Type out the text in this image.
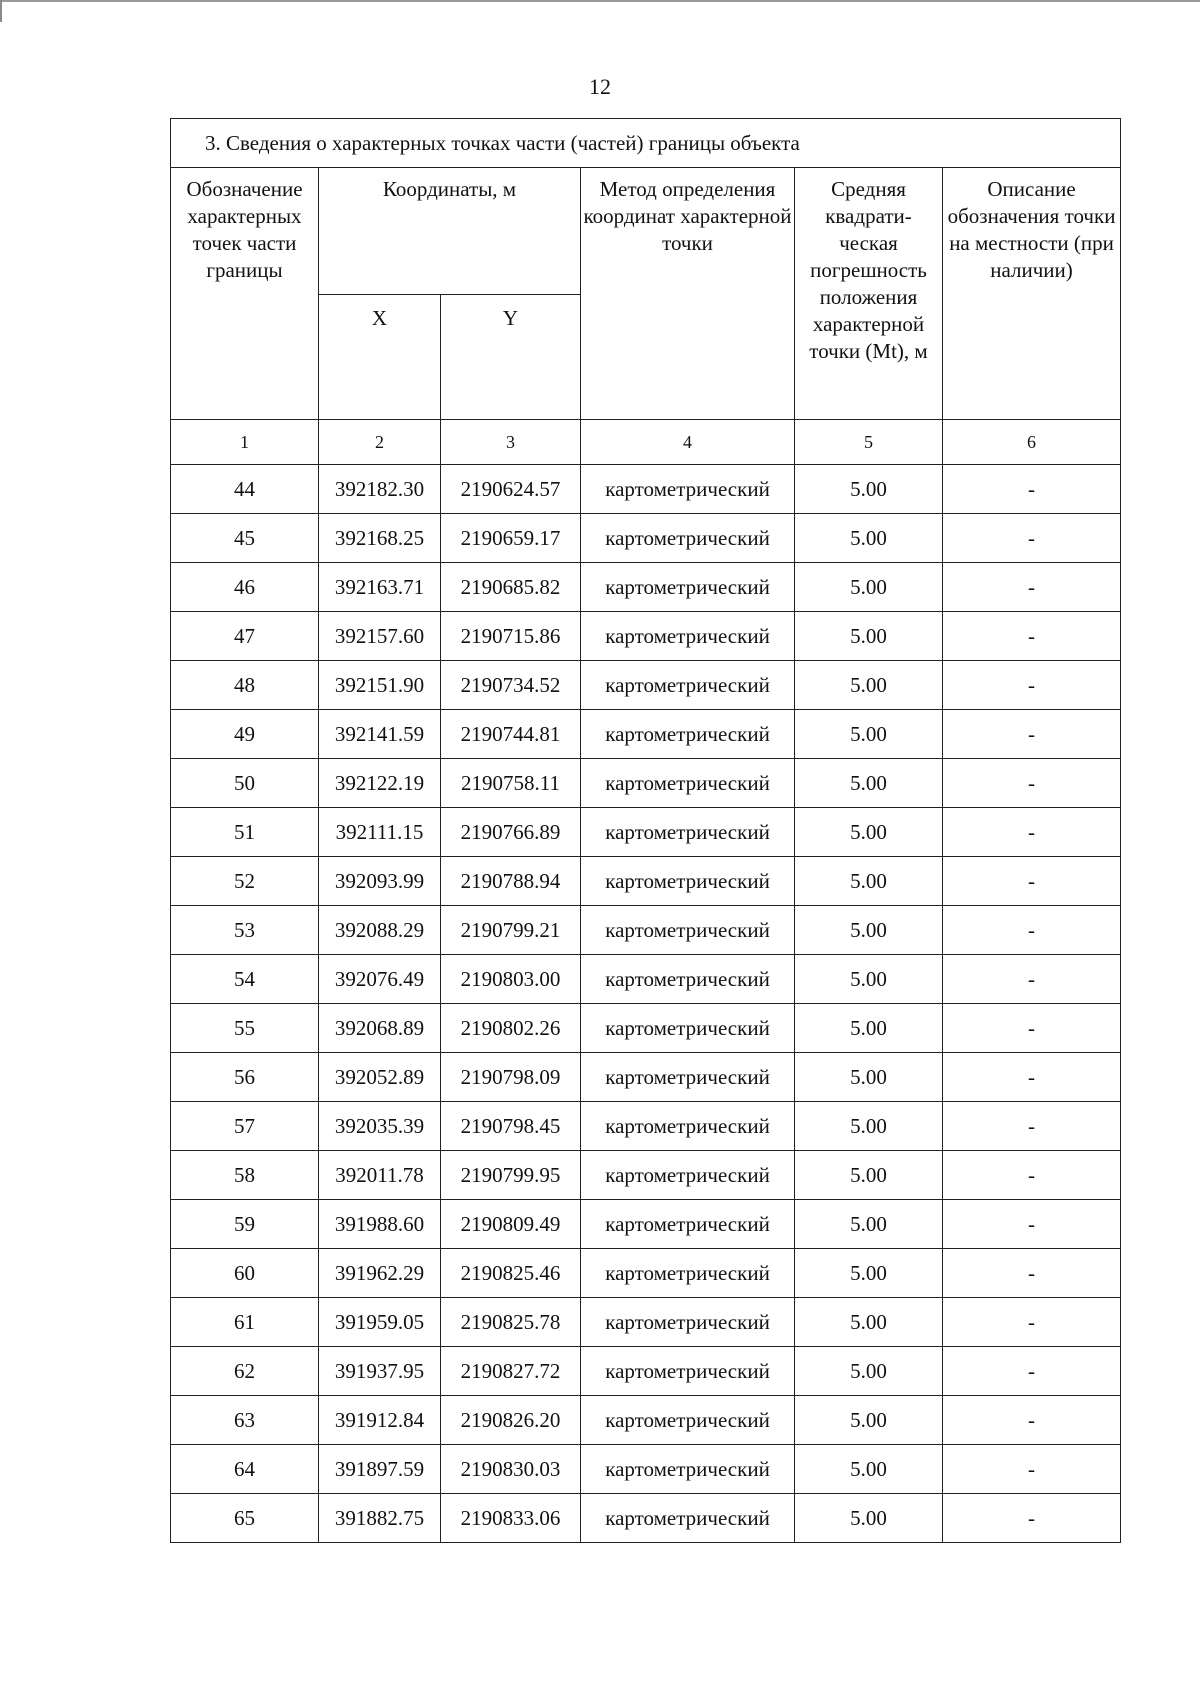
12
3. Сведения о характерных точках части (частей) границы объекта					
Обозначение характерных точек части границы	Координаты, м		Метод определения координат характерной точки	Средняя квадрати-ческая погрешность положения характерной точки (Mt), м	Описание обозначения точки на местности (при наличии)
	X	Y			
1	2	3	4	5	6
44	392182.30	2190624.57	картометрический	5.00	-
45	392168.25	2190659.17	картометрический	5.00	-
46	392163.71	2190685.82	картометрический	5.00	-
47	392157.60	2190715.86	картометрический	5.00	-
48	392151.90	2190734.52	картометрический	5.00	-
49	392141.59	2190744.81	картометрический	5.00	-
50	392122.19	2190758.11	картометрический	5.00	-
51	392111.15	2190766.89	картометрический	5.00	-
52	392093.99	2190788.94	картометрический	5.00	-
53	392088.29	2190799.21	картометрический	5.00	-
54	392076.49	2190803.00	картометрический	5.00	-
55	392068.89	2190802.26	картометрический	5.00	-
56	392052.89	2190798.09	картометрический	5.00	-
57	392035.39	2190798.45	картометрический	5.00	-
58	392011.78	2190799.95	картометрический	5.00	-
59	391988.60	2190809.49	картометрический	5.00	-
60	391962.29	2190825.46	картометрический	5.00	-
61	391959.05	2190825.78	картометрический	5.00	-
62	391937.95	2190827.72	картометрический	5.00	-
63	391912.84	2190826.20	картометрический	5.00	-
64	391897.59	2190830.03	картометрический	5.00	-
65	391882.75	2190833.06	картометрический	5.00	-
